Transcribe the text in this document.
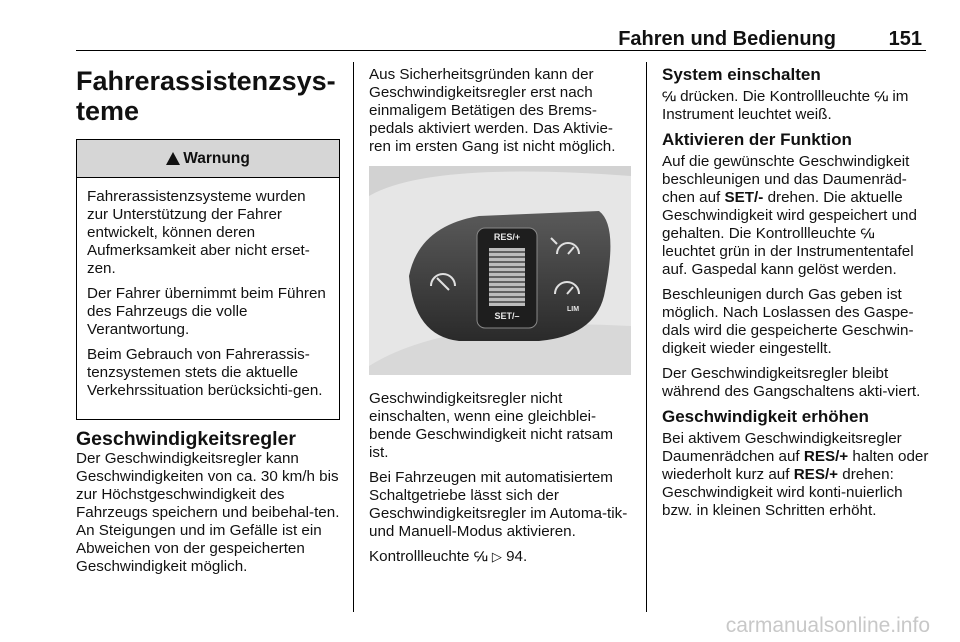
Fahren und Bedienung	151
Fahrerassistenzsys-
teme
Warnung

Fahrerassistenzsysteme wurden zur Unterstützung der Fahrer entwickelt, können deren Aufmerksamkeit aber nicht erset-zen.

Der Fahrer übernimmt beim Führen des Fahrzeugs die volle Verantwortung.

Beim Gebrauch von Fahrerassis-tenzsystemen stets die aktuelle Verkehrssituation berücksichti-gen.

Geschwindigkeitsregler

Der Geschwindigkeitsregler kann Geschwindigkeiten von ca. 30 km/h bis zur Höchstgeschwindigkeit des Fahrzeugs speichern und beibehal-ten. An Steigungen und im Gefälle ist ein Abweichen von der gespeicherten Geschwindigkeit möglich.

Aus Sicherheitsgründen kann der Geschwindigkeitsregler erst nach einmaligem Betätigen des Brems-pedals aktiviert werden. Das Aktivie-ren im ersten Gang ist nicht möglich.

RES/+
SET/–
LIM

Geschwindigkeitsregler nicht einschalten, wenn eine gleichblei-bende Geschwindigkeit nicht ratsam ist.

Bei Fahrzeugen mit automatisiertem Schaltgetriebe lässt sich der Geschwindigkeitsregler im Automa-tik- und Manuell-Modus aktivieren.

Kontrollleuchte ℆ ▷ 94.

System einschalten

℆ drücken. Die Kontrollleuchte ℆ im Instrument leuchtet weiß.

Aktivieren der Funktion

Auf die gewünschte Geschwindigkeit beschleunigen und das Daumenräd-chen auf SET/- drehen. Die aktuelle Geschwindigkeit wird gespeichert und gehalten. Die Kontrollleuchte ℆ leuchtet grün in der Instrumententafel auf. Gaspedal kann gelöst werden.

Beschleunigen durch Gas geben ist möglich. Nach Loslassen des Gaspe-dals wird die gespeicherte Geschwin-digkeit wieder eingestellt.

Der Geschwindigkeitsregler bleibt während des Gangschaltens akti-viert.

Geschwindigkeit erhöhen

Bei aktivem Geschwindigkeitsregler Daumenrädchen auf RES/+ halten oder wiederholt kurz auf RES/+ drehen: Geschwindigkeit wird konti-nuierlich bzw. in kleinen Schritten erhöht.

carmanualsonline.info
